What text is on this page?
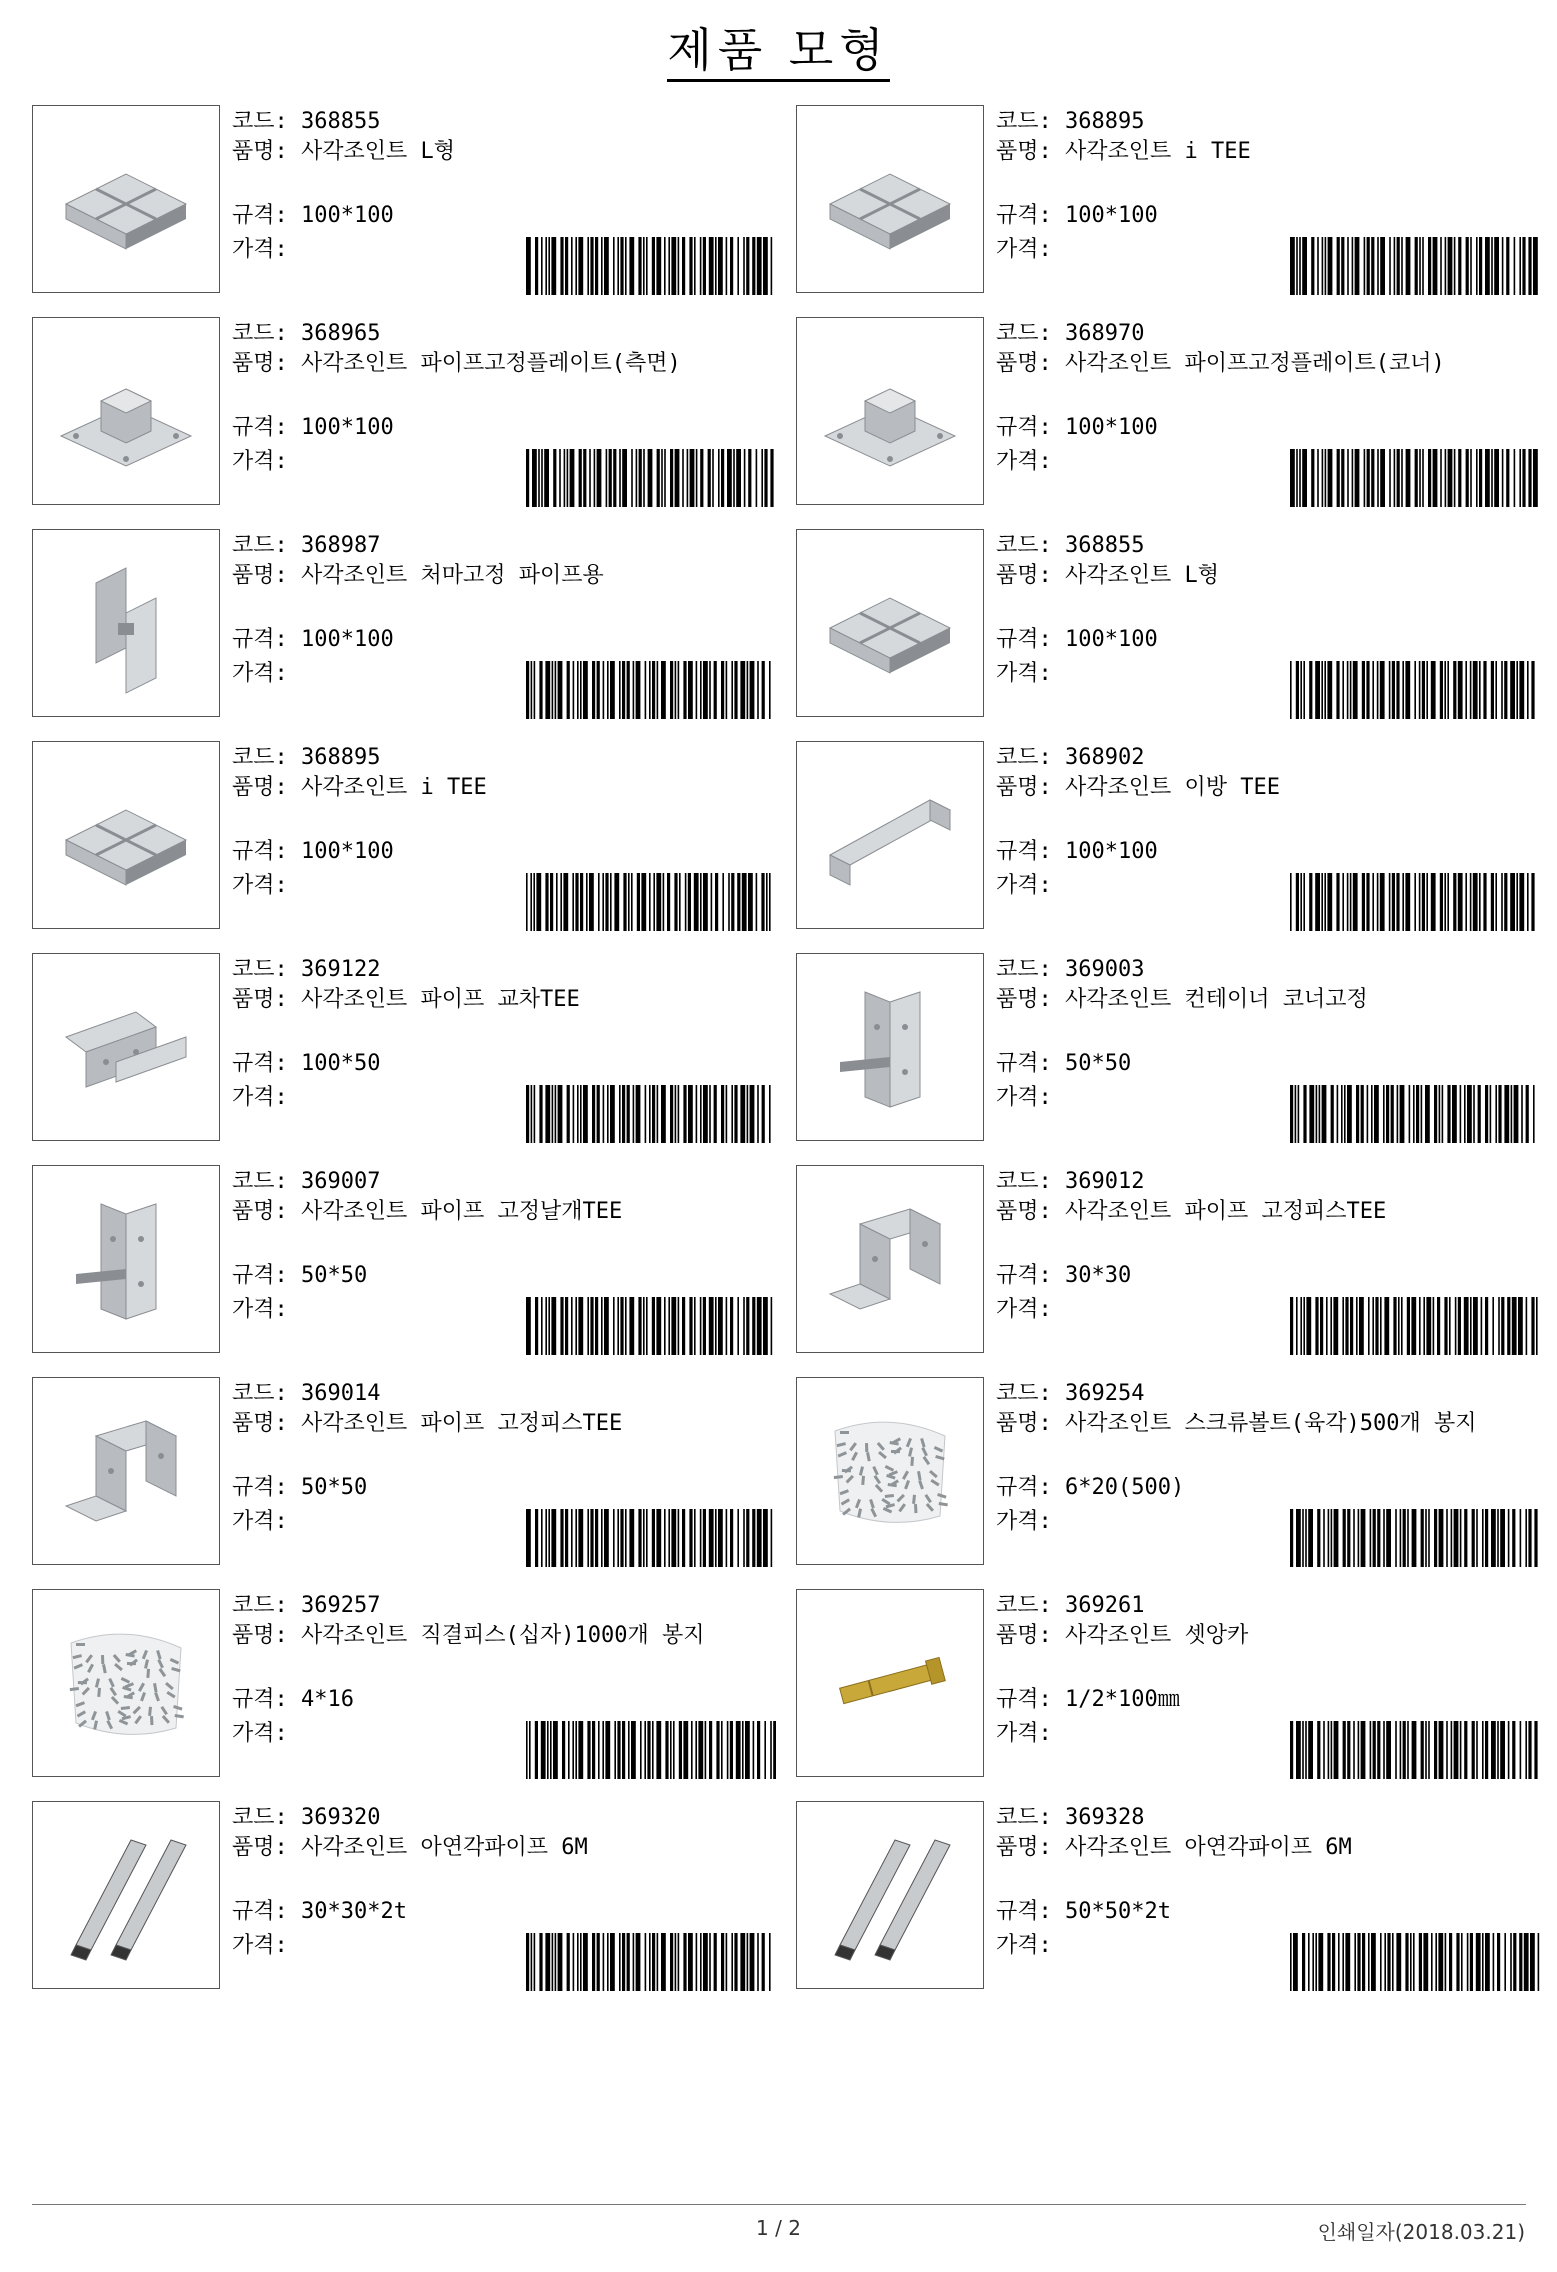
제품 모형
코드: 368855
품명: 사각조인트 L형
규격: 100*100
가격:
코드: 368895
품명: 사각조인트 i TEE
규격: 100*100
가격:
코드: 368965
품명: 사각조인트 파이프고정플레이트(측면)
규격: 100*100
가격:
코드: 368970
품명: 사각조인트 파이프고정플레이트(코너)
규격: 100*100
가격:
코드: 368987
품명: 사각조인트 처마고정 파이프용
규격: 100*100
가격:
코드: 368855
품명: 사각조인트 L형
규격: 100*100
가격:
코드: 368895
품명: 사각조인트 i TEE
규격: 100*100
가격:
코드: 368902
품명: 사각조인트 이방 TEE
규격: 100*100
가격:
코드: 369122
품명: 사각조인트 파이프 교차TEE
규격: 100*50
가격:
코드: 369003
품명: 사각조인트 컨테이너 코너고정
규격: 50*50
가격:
코드: 369007
품명: 사각조인트 파이프 고정날개TEE
규격: 50*50
가격:
코드: 369012
품명: 사각조인트 파이프 고정피스TEE
규격: 30*30
가격:
코드: 369014
품명: 사각조인트 파이프 고정피스TEE
규격: 50*50
가격:
코드: 369254
품명: 사각조인트 스크류볼트(육각)500개 봉지
규격: 6*20(500)
가격:
코드: 369257
품명: 사각조인트 직결피스(십자)1000개 봉지
규격: 4*16
가격:
코드: 369261
품명: 사각조인트 셋앙카
규격: 1/2*100㎜
가격:
코드: 369320
품명: 사각조인트 아연각파이프 6M
규격: 30*30*2t
가격:
코드: 369328
품명: 사각조인트 아연각파이프 6M
규격: 50*50*2t
가격:
1 / 2	인쇄일자(2018.03.21)
